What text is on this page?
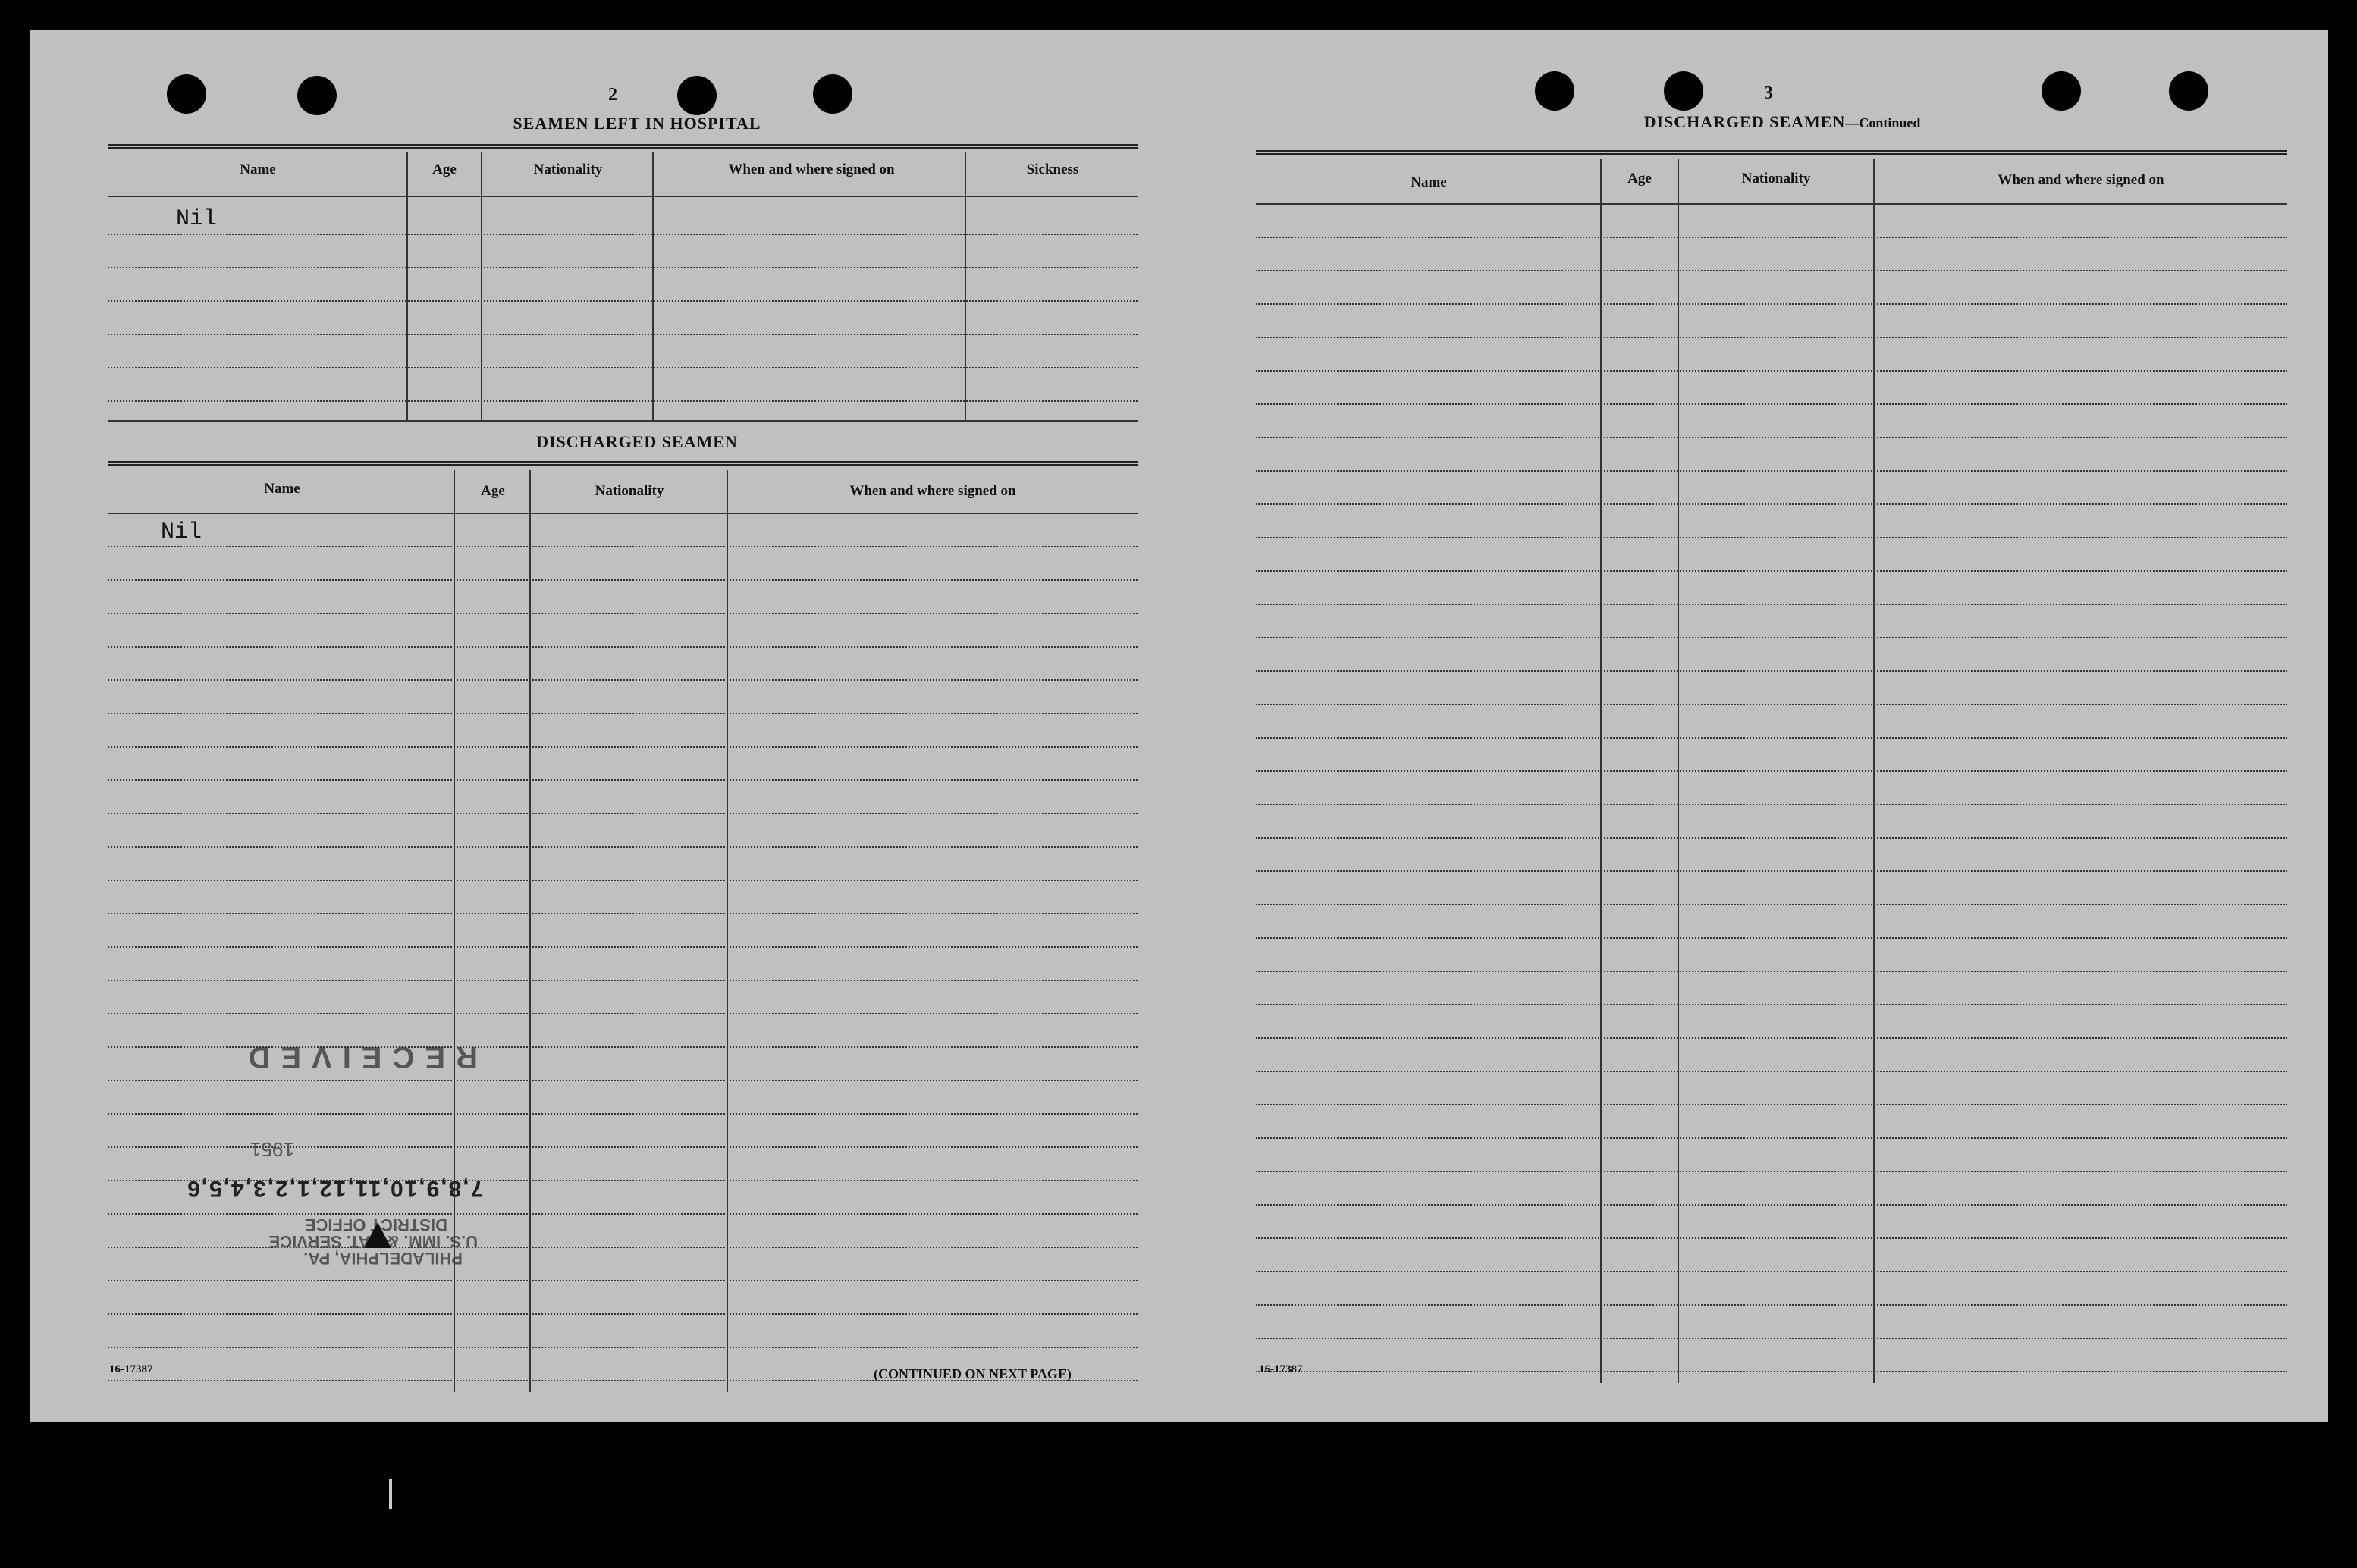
2
SEAMEN LEFT IN HOSPITAL
Name	Age	Nationality	When and where signed on	Sickness
Nil
DISCHARGED SEAMEN
Name	Age	Nationality	When and where signed on
Nil
PHILADELPHIA, PA.
U.S. IMM. & NAT. SERVICE
DISTRICT OFFICE
RECEIVED
1951
7,8,9,10,11,12,1,2,3,4,5,6
16-17387	(CONTINUED ON NEXT PAGE)
3
DISCHARGED SEAMEN—Continued
Name	Age	Nationality	When and where signed on
16-17387
